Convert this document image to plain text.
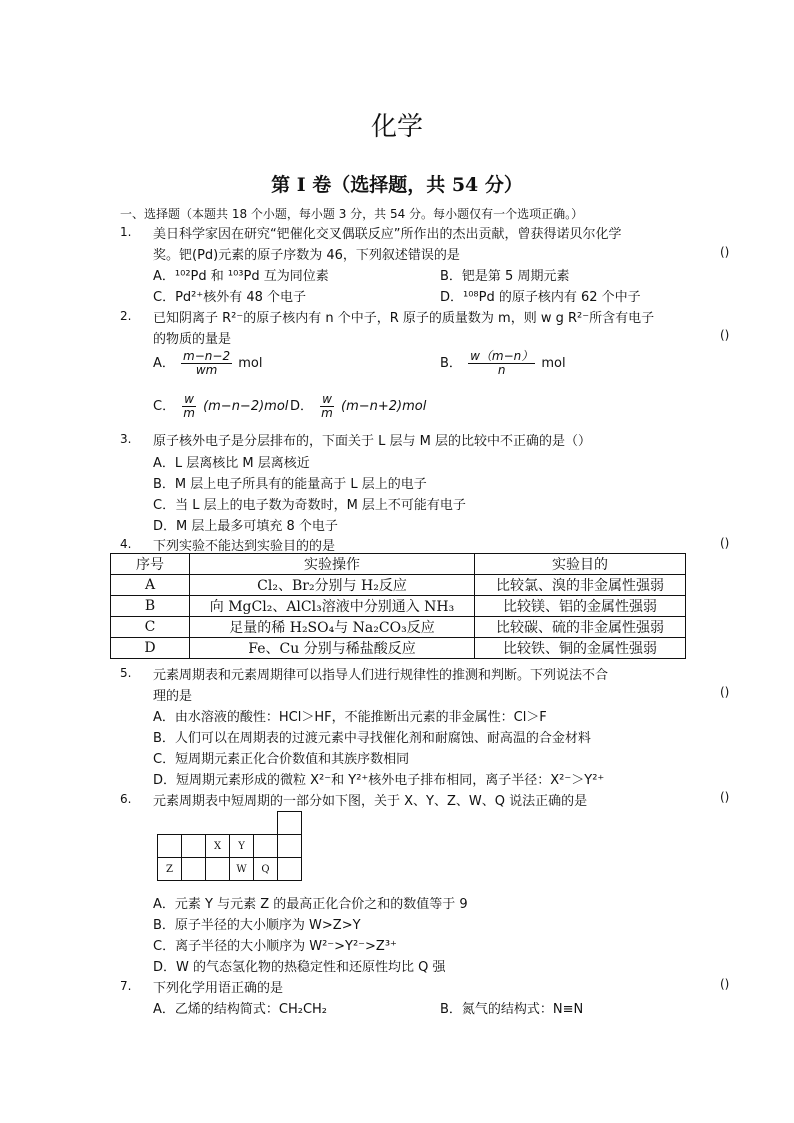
化学
第 I 卷（选择题，共 54 分）
一、选择题（本题共 18 个小题，每小题 3 分，共 54 分。每小题仅有一个选项正确。）
1. 美日科学家因在研究“钯催化交叉偶联反应”所作出的杰出贡献，曾获得诺贝尔化学
奖。钯(Pd)元素的原子序数为 46，下列叙述错误的是	()
A．¹⁰²Pd 和 ¹⁰³Pd 互为同位素	B．钯是第 5 周期元素
C．Pd²⁺核外有 48 个电子	D．¹⁰⁸Pd 的原子核内有 62 个中子
2. 已知阴离子 R²⁻的原子核内有 n 个中子，R 原子的质量数为 m，则 w g R²⁻所含有电子
的物质的量是	()
A． $\frac{m-n-2}{wm}$ mol	B． $\frac{w(m-n)}{n}$ mol
C． $\frac{w}{m} (m-n-2)mol$ D． $\frac{w}{m} (m-n+2)mol$
3. 原子核外电子是分层排布的，下面关于 L 层与 M 层的比较中不正确的是（）
A．L 层离核比 M 层离核近
B．M 层上电子所具有的能量高于 L 层上的电子
C．当 L 层上的电子数为奇数时，M 层上不可能有电子
D．M 层上最多可填充 8 个电子
4. 下列实验不能达到实验目的的是	()
序号	实验操作	实验目的
A	Cl₂、Br₂分别与 H₂反应	比较氯、溴的非金属性强弱
B	向 MgCl₂、AlCl₃溶液中分别通入 NH₃	比较镁、铝的金属性强弱
C	足量的稀 H₂SO₄与 Na₂CO₃反应	比较碳、硫的非金属性强弱
D	Fe、Cu 分别与稀盐酸反应	比较铁、铜的金属性强弱
5. 元素周期表和元素周期律可以指导人们进行规律性的推测和判断。下列说法不合
理的是	()
A．由水溶液的酸性：HCl＞HF，不能推断出元素的非金属性：Cl＞F
B．人们可以在周期表的过渡元素中寻找催化剂和耐腐蚀、耐高温的合金材料
C．短周期元素正化合价数值和其族序数相同
D．短周期元素形成的微粒 X²⁻和 Y²⁺核外电子排布相同，离子半径：X²⁻＞Y²⁺
6. 元素周期表中短周期的一部分如下图，关于 X、Y、Z、W、Q 说法正确的是	()

		X	Y		
Z			W	Q	
A．元素 Y 与元素 Z 的最高正化合价之和的数值等于 9
B．原子半径的大小顺序为 W>Z>Y
C．离子半径的大小顺序为 W²⁻>Y²⁻>Z³⁺
D．W 的气态氢化物的热稳定性和还原性均比 Q 强
7. 下列化学用语正确的是	()
A．乙烯的结构简式：CH₂CH₂	B．氮气的结构式：N≡N
